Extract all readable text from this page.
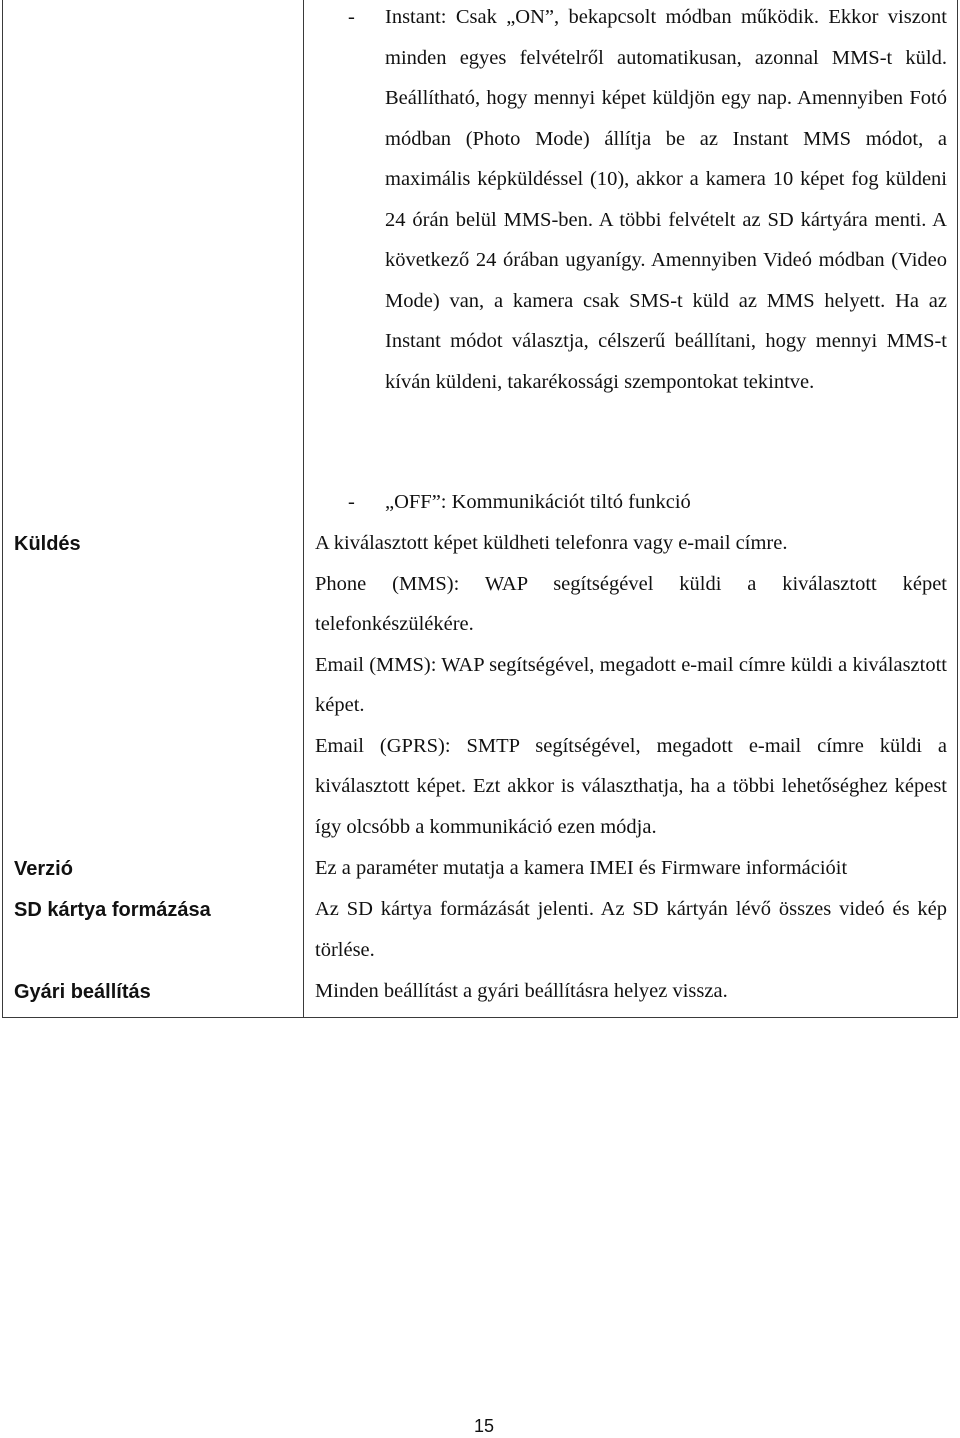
- Instant: Csak „ON”, bekapcsolt módban működik. Ekkor viszont minden egyes felvételről automatikusan, azonnal MMS-t küld. Beállítható, hogy mennyi képet küldjön egy nap. Amennyiben Fotó módban (Photo Mode) állítja be az Instant MMS módot, a maximális képküldéssel (10), akkor a kamera 10 képet fog küldeni 24 órán belül MMS-ben. A többi felvételt az SD kártyára menti. A következő 24 órában ugyanígy. Amennyiben Videó módban (Video Mode) van, a kamera csak SMS-t küld az MMS helyett. Ha az Instant módot választja, célszerű beállítani, hogy mennyi MMS-t kíván küldeni, takarékossági szempontokat tekintve.

- „OFF”: Kommunikációt tiltó funkció

Küldés	A kiválasztott képet küldheti telefonra vagy e-mail címre.

Phone (MMS): WAP segítségével küldi a kiválasztott képet telefonkészülékére.

Email (MMS): WAP segítségével, megadott e-mail címre küldi a kiválasztott képet.

Email (GPRS): SMTP segítségével, megadott e-mail címre küldi a kiválasztott képet. Ezt akkor is választhatja, ha a többi lehetőséghez képest így olcsóbb a kommunikáció ezen módja.

Verzió	Ez a paraméter mutatja a kamera IMEI és Firmware információit

SD kártya formázása	Az SD kártya formázását jelenti. Az SD kártyán lévő összes videó és kép törlése.

Gyári beállítás	Minden beállítást a gyári beállításra helyez vissza.

15
